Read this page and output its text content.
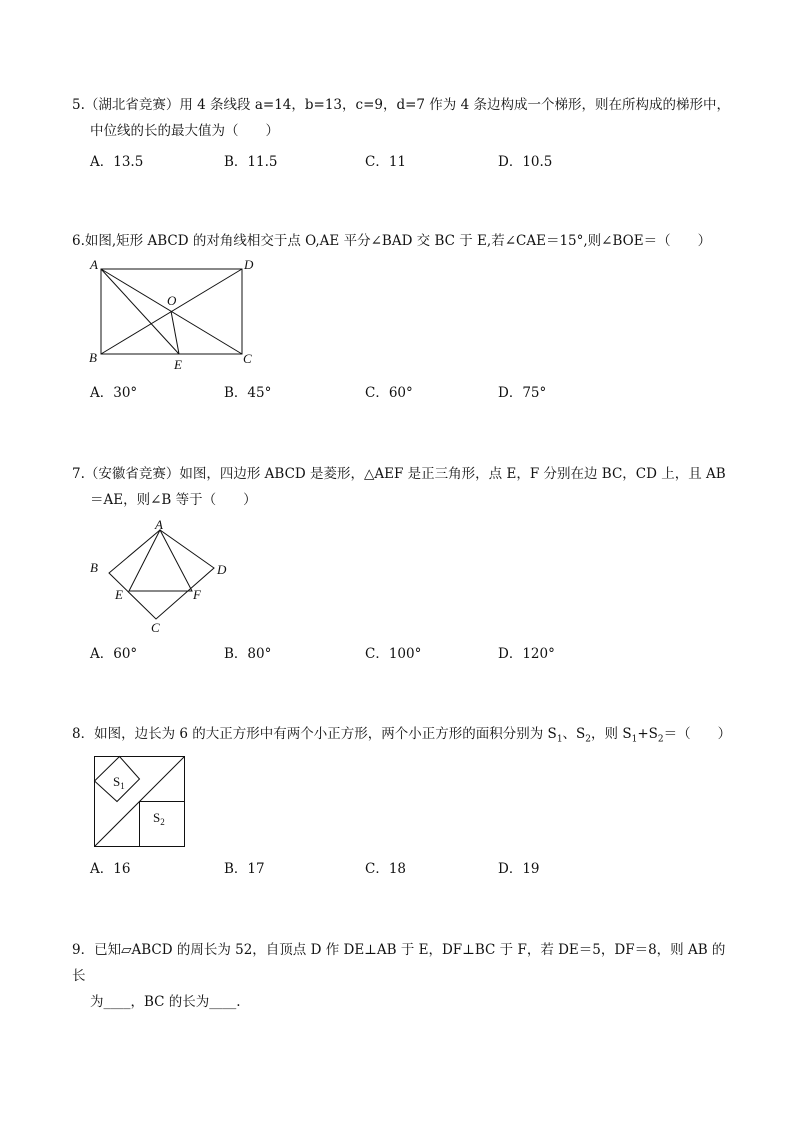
5.（湖北省竞赛）用 4 条线段 a=14，b=13，c=9，d=7 作为 4 条边构成一个梯形，则在所构成的梯形中，
中位线的长的最大值为（　　）

A．13.5	B．11.5	C．11	D．10.5

6.如图,矩形 ABCD 的对角线相交于点 O,AE 平分∠BAD 交 BC 于 E,若∠CAE＝15°,则∠BOE＝（　　）

A	D
O
B	E	C
A．30°	B．45°	C．60°	D．75°

7.（安徽省竞赛）如图，四边形 ABCD 是菱形，△AEF 是正三角形，点 E，F 分别在边 BC，CD 上，且 AB
＝AE，则∠B 等于（　　）

A
B	D
E	F
C
A．60°	B．80°	C．100°	D．120°

8．如图，边长为 6 的大正方形中有两个小正方形，两个小正方形的面积分别为 $S_1$、$S_2$，则 $S_1+S_2=$（　　）

$S_1$
$S_2$
A．16	B．17	C．18	D．19

9．已知▱ABCD 的周长为 52，自顶点 D 作 DE⊥AB 于 E，DF⊥BC 于 F，若 DE＝5，DF＝8，则 AB 的长
为____，BC 的长为____.
